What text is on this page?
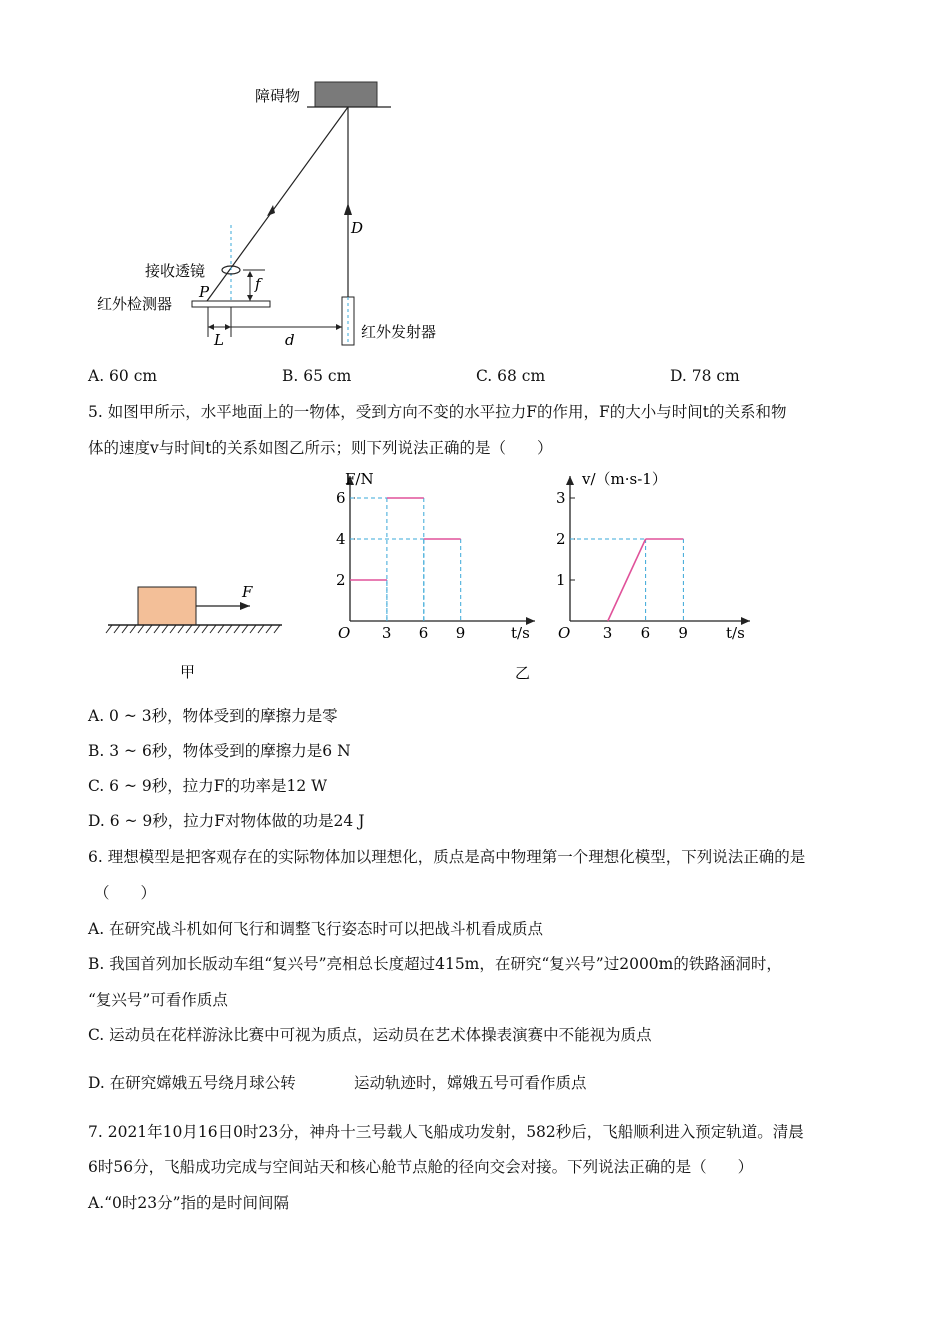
障碍物
D
接收透镜
f
P
红外检测器
红外发射器
L	d
A. 60 cm	B. 65 cm	C. 68 cm	D. 78 cm
5. 如图甲所示，水平地面上的一物体，受到方向不变的水平拉力F的作用，F的大小与时间t的关系和物
体的速度v与时间t的关系如图乙所示；则下列说法正确的是（　　）
F
甲	乙
O	t/s
F/N
2
4
6
3 6 9	O	t/s
v/（m·s-1）
1
2
3
3 6 9
A. 0 ~ 3秒，物体受到的摩擦力是零
B. 3 ~ 6秒，物体受到的摩擦力是6 N
C. 6 ~ 9秒，拉力F的功率是12 W
D. 6 ~ 9秒，拉力F对物体做的功是24 J
6. 理想模型是把客观存在的实际物体加以理想化，质点是高中物理第一个理想化模型，下列说法正确的是
（　　）
A. 在研究战斗机如何飞行和调整飞行姿态时可以把战斗机看成质点
B. 我国首列加长版动车组“复兴号”亮相总长度超过415m，在研究“复兴号”过2000m的铁路涵洞时，
“复兴号”可看作质点
C. 运动员在花样游泳比赛中可视为质点，运动员在艺术体操表演赛中不能视为质点
D. 在研究嫦娥五号绕月球公转	运动轨迹时，嫦娥五号可看作质点
7. 2021年10月16日0时23分，神舟十三号载人飞船成功发射，582秒后，飞船顺利进入预定轨道。清晨
6时56分，飞船成功完成与空间站天和核心舱节点舱的径向交会对接。下列说法正确的是（　　）
A.“0时23分”指的是时间间隔
